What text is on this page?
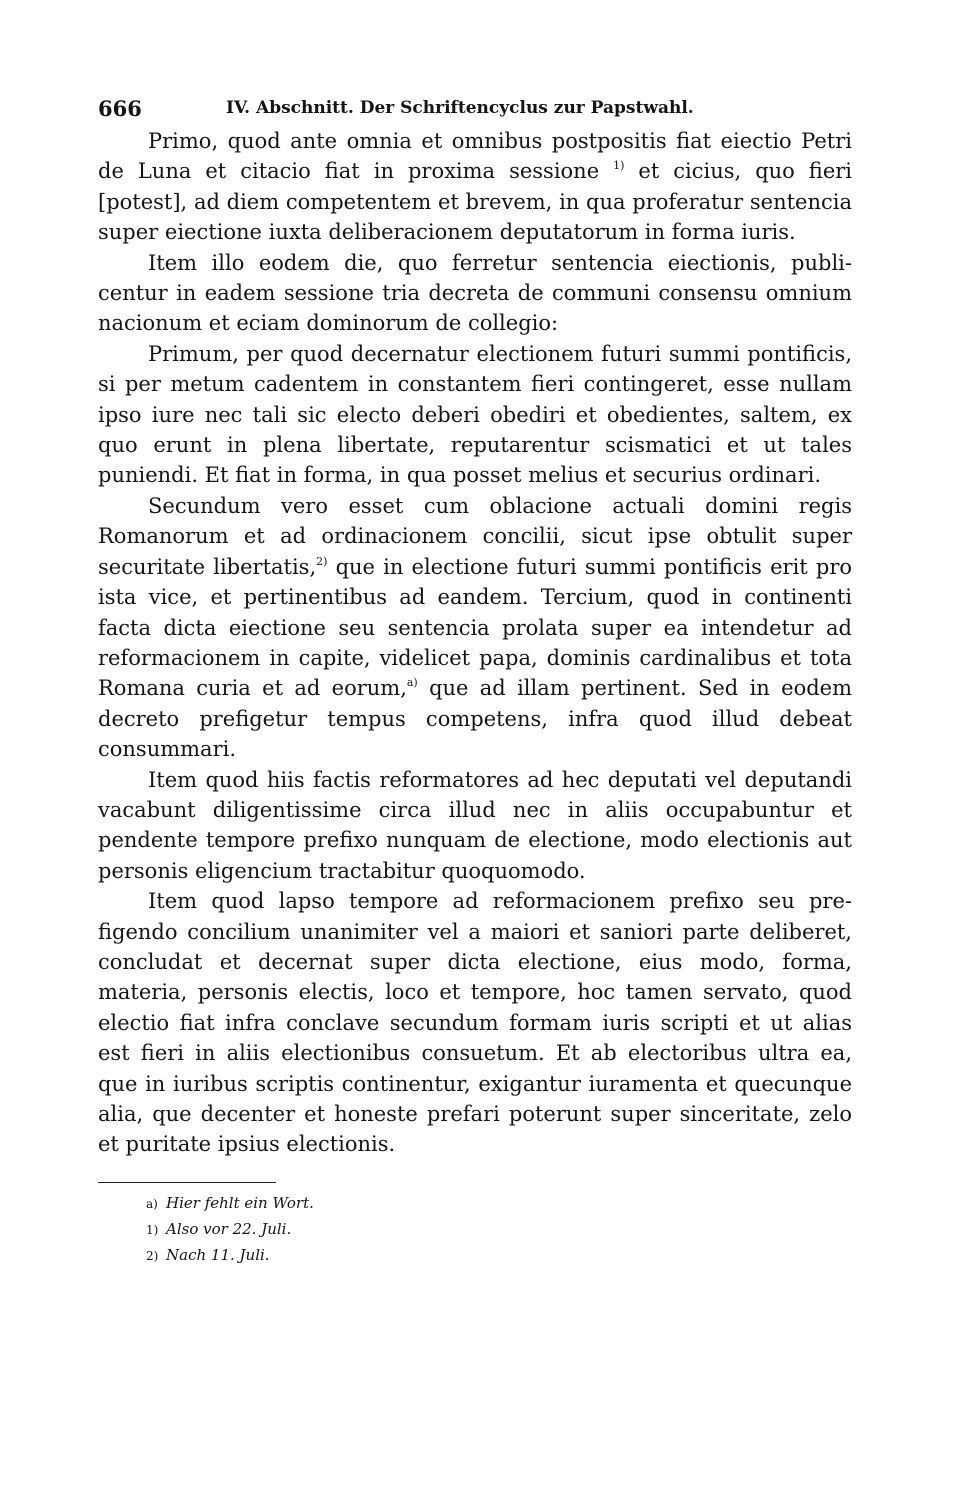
666	IV. Abschnitt. Der Schriftencyclus zur Papstwahl.

Primo, quod ante omnia et omnibus postpositis fiat eiectio Petri de Luna et citacio fiat in proxima sessione $^{1)}$ et cicius, quo fieri [potest], ad diem competentem et brevem, in qua proferatur sentencia super eiectione iuxta deliberacionem deputatorum in forma iuris.

Item illo eodem die, quo ferretur sentencia eiectionis, publicentur in eadem sessione tria decreta de communi consensu omnium nacionum et eciam dominorum de collegio:

Primum, per quod decernatur electionem futuri summi pontificis, si per metum cadentem in constantem fieri contingeret, esse nullam ipso iure nec tali sic electo deberi obediri et obedientes, saltem, ex quo erunt in plena libertate, reputarentur scismatici et ut tales puniendi. Et fiat in forma, in qua posset melius et securius ordinari.

Secundum vero esset cum oblacione actuali domini regis Romanorum et ad ordinacionem concilii, sicut ipse obtulit super securitate libertatis,$^{2)}$ que in electione futuri summi pontificis erit pro ista vice, et pertinentibus ad eandem. Tercium, quod in continenti facta dicta eiectione seu sentencia prolata super ea intendetur ad reformacionem in capite, videlicet papa, dominis cardinalibus et tota Romana curia et ad eorum,$^{a)}$ que ad illam pertinent. Sed in eodem decreto prefigetur tempus competens, infra quod illud debeat consummari.

Item quod hiis factis reformatores ad hec deputati vel deputandi vacabunt diligentissime circa illud nec in aliis occupabuntur et pendente tempore prefixo nunquam de electione, modo electionis aut personis eligencium tractabitur quoquomodo.

Item quod lapso tempore ad reformacionem prefixo seu prefigendo concilium unanimiter vel a maiori et saniori parte deliberet, concludat et decernat super dicta electione, eius modo, forma, materia, personis electis, loco et tempore, hoc tamen servato, quod electio fiat infra conclave secundum formam iuris scripti et ut alias est fieri in aliis electionibus consuetum. Et ab electoribus ultra ea, que in iuribus scriptis continentur, exigantur iuramenta et quecunque alia, que decenter et honeste prefari poterunt super sinceritate, zelo et puritate ipsius electionis.

a) Hier fehlt ein Wort.
1) Also vor 22. Juli.
2) Nach 11. Juli.
